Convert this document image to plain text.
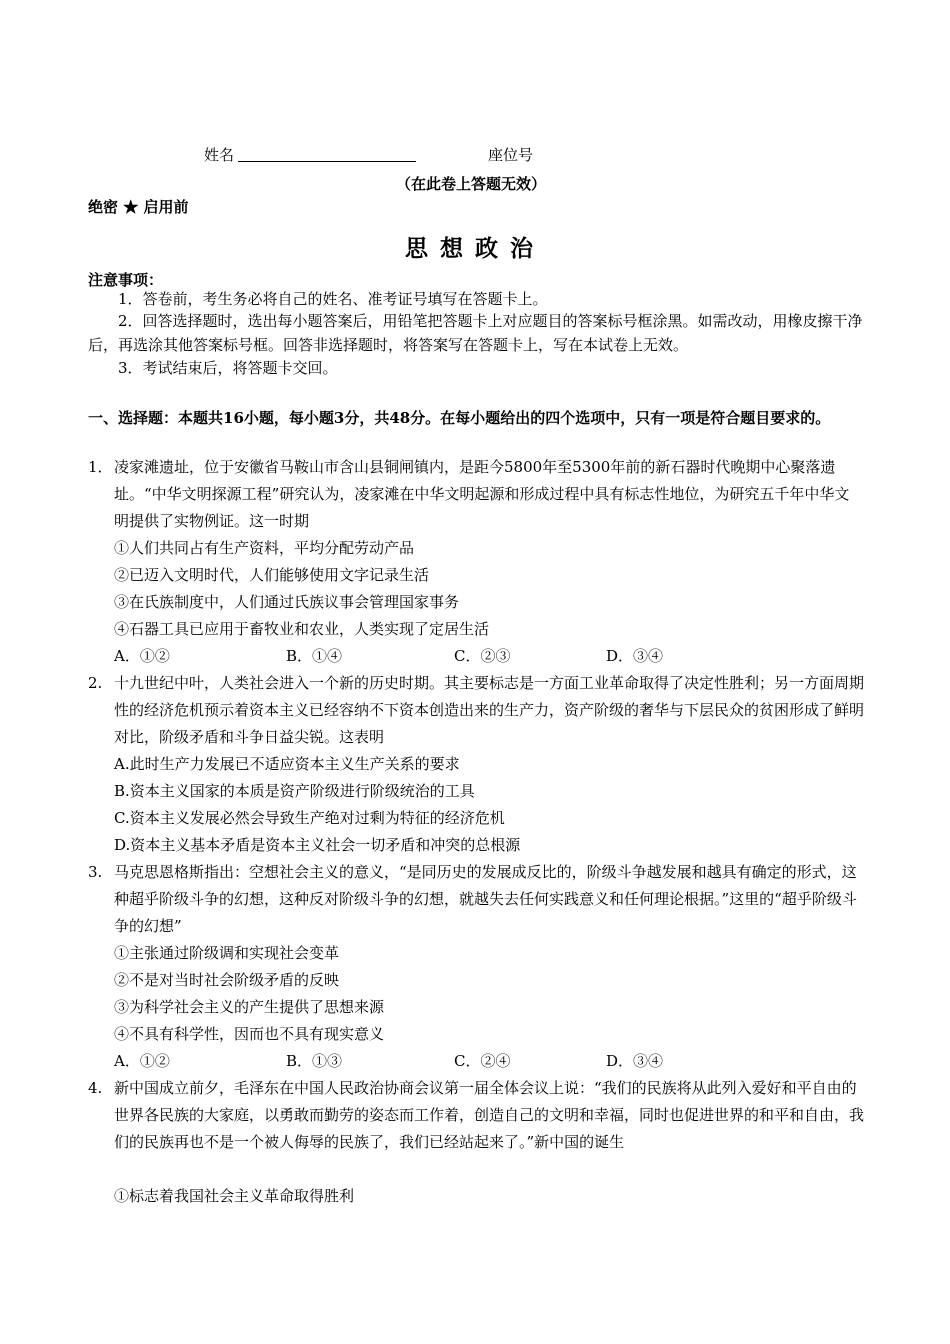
姓名	座位号
（在此卷上答题无效）
绝密 ★ 启用前
思想政治
注意事项：
1．答卷前，考生务必将自己的姓名、准考证号填写在答题卡上。
2．回答选择题时，选出每小题答案后，用铅笔把答题卡上对应题目的答案标号框涂黑。如需改动，用橡皮擦干净后，再选涂其他答案标号框。回答非选择题时，将答案写在答题卡上，写在本试卷上无效。
3．考试结束后，将答题卡交回。
一、选择题：本题共16小题，每小题3分，共48分。在每小题给出的四个选项中，只有一项是符合题目要求的。
1． 凌家滩遗址，位于安徽省马鞍山市含山县铜闸镇内，是距今5800年至5300年前的新石器时代晚期中心聚落遗址。“中华文明探源工程”研究认为，凌家滩在中华文明起源和形成过程中具有标志性地位，为研究五千年中华文明提供了实物例证。这一时期
①人们共同占有生产资料，平均分配劳动产品
②已迈入文明时代，人们能够使用文字记录生活
③在氏族制度中，人们通过氏族议事会管理国家事务
④石器工具已应用于畜牧业和农业，人类实现了定居生活
A．①②	B．①④	C．②③	D．③④
2. 十九世纪中叶，人类社会进入一个新的历史时期。其主要标志是一方面工业革命取得了决定性胜利；另一方面周期性的经济危机预示着资本主义已经容纳不下资本创造出来的生产力，资产阶级的奢华与下层民众的贫困形成了鲜明对比，阶级矛盾和斗争日益尖锐。这表明
A.此时生产力发展已不适应资本主义生产关系的要求
B.资本主义国家的本质是资产阶级进行阶级统治的工具
C.资本主义发展必然会导致生产绝对过剩为特征的经济危机
D.资本主义基本矛盾是资本主义社会一切矛盾和冲突的总根源
3. 马克思恩格斯指出：空想社会主义的意义，“是同历史的发展成反比的，阶级斗争越发展和越具有确定的形式，这种超乎阶级斗争的幻想，这种反对阶级斗争的幻想，就越失去任何实践意义和任何理论根据。”这里的“超乎阶级斗争的幻想”
①主张通过阶级调和实现社会变革
②不是对当时社会阶级矛盾的反映
③为科学社会主义的产生提供了思想来源
④不具有科学性，因而也不具有现实意义
A．①②	B．①③	C．②④	D．③④
4. 新中国成立前夕，毛泽东在中国人民政治协商会议第一届全体会议上说：“我们的民族将从此列入爱好和平自由的世界各民族的大家庭，以勇敢而勤劳的姿态而工作着，创造自己的文明和幸福，同时也促进世界的和平和自由，我们的民族再也不是一个被人侮辱的民族了，我们已经站起来了。”新中国的诞生
①标志着我国社会主义革命取得胜利
